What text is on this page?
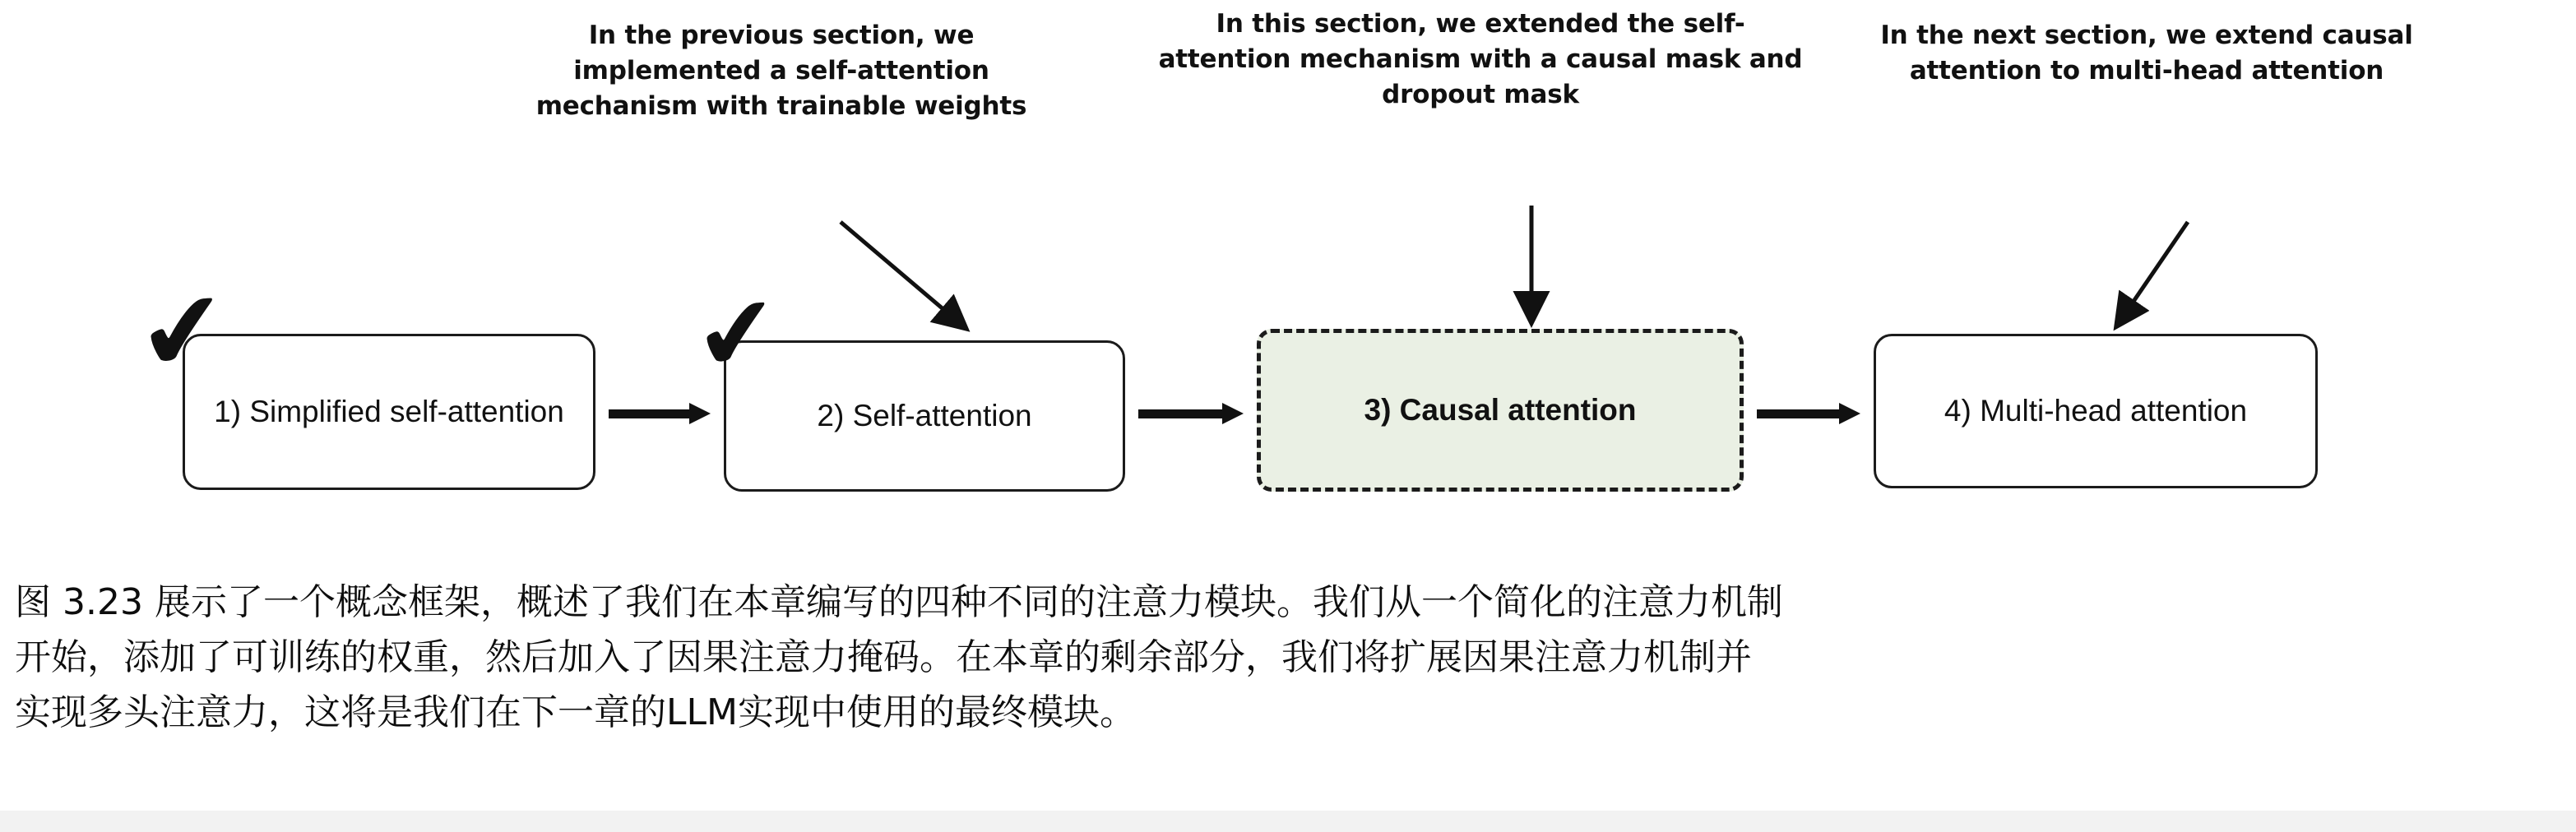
In the previous section, we implemented a self-attention mechanism with trainable weights
In this section, we extended the self-attention mechanism with a causal mask and dropout mask
In the next section, we extend causal attention to multi-head attention
1) Simplified self-attention	2) Self-attention	3) Causal attention	4) Multi-head attention
✔	✔
图 3.23 展示了一个概念框架，概述了我们在本章编写的四种不同的注意力模块。我们从一个简化的注意力机制
开始，添加了可训练的权重，然后加入了因果注意力掩码。在本章的剩余部分，我们将扩展因果注意力机制并
实现多头注意力，这将是我们在下一章的LLM实现中使用的最终模块。
